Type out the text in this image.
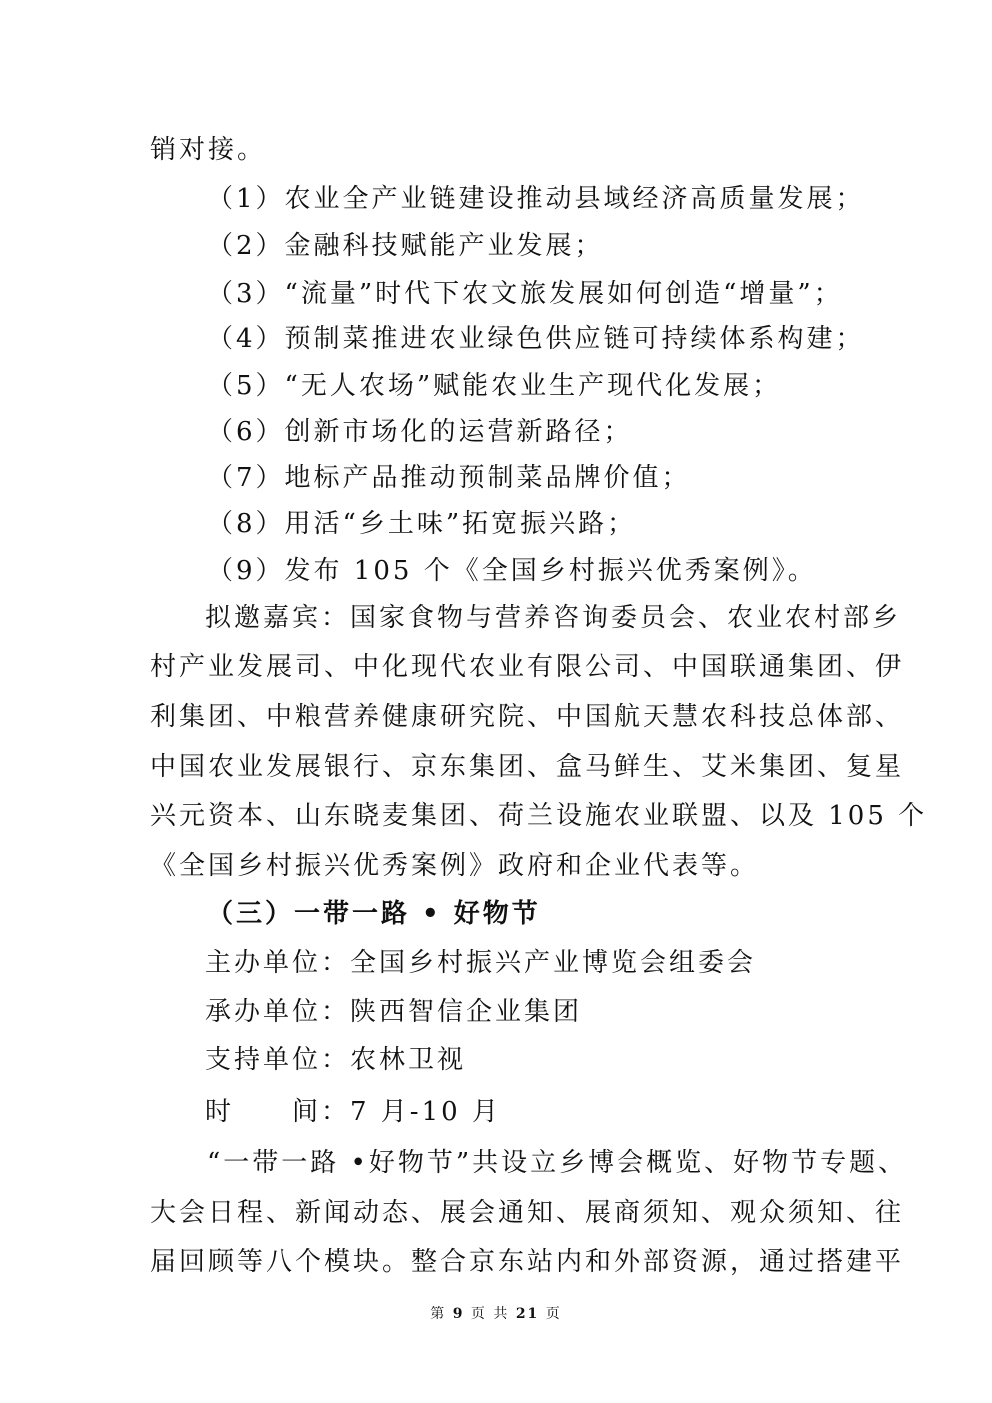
销对接。
（1）农业全产业链建设推动县域经济高质量发展；
（2）金融科技赋能产业发展；
（3）“流量”时代下农文旅发展如何创造“增量”；
（4）预制菜推进农业绿色供应链可持续体系构建；
（5）“无人农场”赋能农业生产现代化发展；
（6）创新市场化的运营新路径；
（7）地标产品推动预制菜品牌价值；
（8）用活“乡土味”拓宽振兴路；
（9）发布 105 个《全国乡村振兴优秀案例》。
拟邀嘉宾：国家食物与营养咨询委员会、农业农村部乡
村产业发展司、中化现代农业有限公司、中国联通集团、伊
利集团、中粮营养健康研究院、中国航天慧农科技总体部、
中国农业发展银行、京东集团、盒马鲜生、艾米集团、复星
兴元资本、山东晓麦集团、荷兰设施农业联盟、以及 105 个
《全国乡村振兴优秀案例》政府和企业代表等。
（三）一带一路 • 好物节
主办单位：全国乡村振兴产业博览会组委会
承办单位：陕西智信企业集团
支持单位：农林卫视
时　　间：7 月-10 月
“一带一路 •好物节”共设立乡博会概览、好物节专题、
大会日程、新闻动态、展会通知、展商须知、观众须知、往
届回顾等八个模块。整合京东站内和外部资源，通过搭建平
第 9 页 共 21 页
